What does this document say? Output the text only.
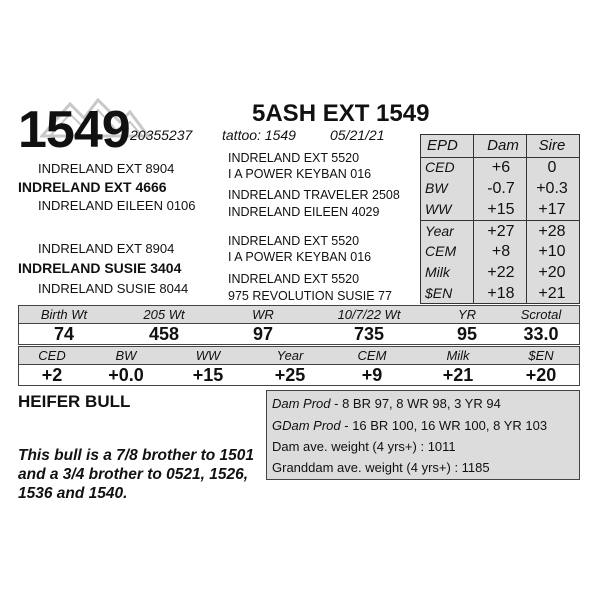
1549	5ASH EXT 1549
20355237 tattoo: 1549 05/21/21
INDRELAND EXT 8904
INDRELAND EXT 4666
INDRELAND EILEEN 0106
INDRELAND EXT 5520
I A POWER KEYBAN 016
INDRELAND TRAVELER 2508
INDRELAND EILEEN 4029
INDRELAND EXT 8904
INDRELAND SUSIE 3404
INDRELAND SUSIE 8044
INDRELAND EXT 5520
I A POWER KEYBAN 016
INDRELAND EXT 5520
975 REVOLUTION SUSIE 77
EPD	Dam	Sire
CED	+6	0
BW	-0.7	+0.3
WW	+15	+17
Year	+27	+28
CEM	+8	+10
Milk	+22	+20
$EN	+18	+21
Birth Wt	205 Wt	WR	10/7/22 Wt	YR	Scrotal
74	458	97	735	95	33.0
CED	BW	WW	Year	CEM	Milk	$EN
+2	+0.0	+15	+25	+9	+21	+20
HEIFER BULL
This bull is a 7/8 brother to 1501 and a 3/4 brother to 0521, 1526, 1536 and 1540.
Dam Prod - 8 BR 97, 8 WR 98, 3 YR 94
GDam Prod - 16 BR 100, 16 WR 100, 8 YR 103
Dam ave. weight (4 yrs+) : 1011
Granddam ave. weight (4 yrs+) : 1185
